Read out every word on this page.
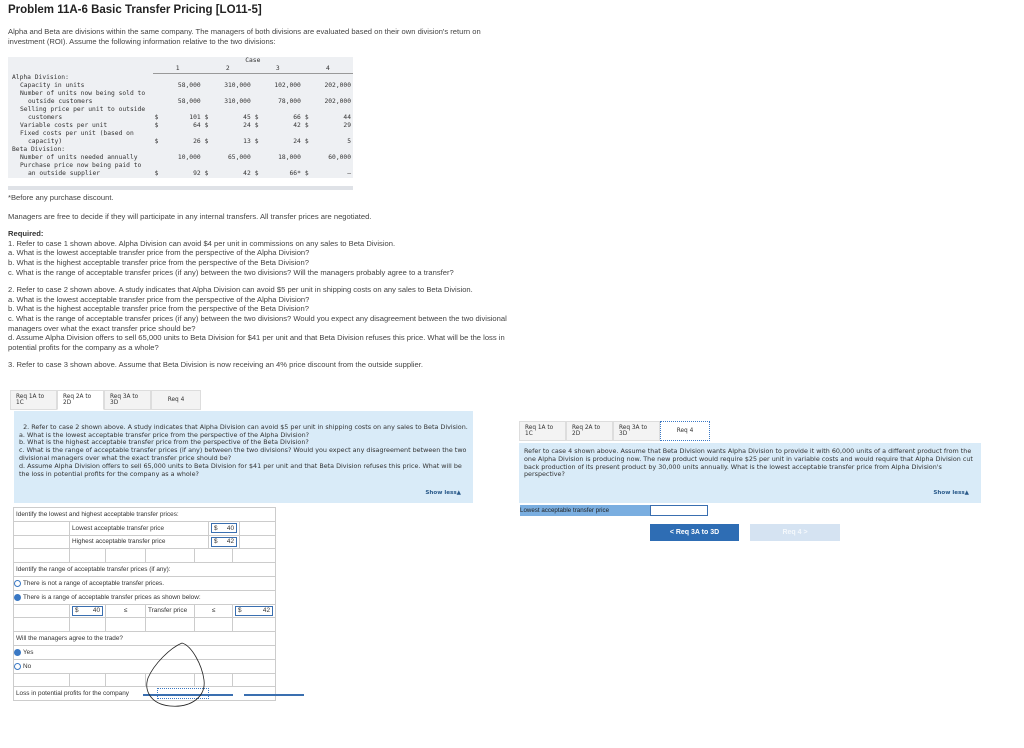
Problem 11A-6 Basic Transfer Pricing [LO11-5]
Alpha and Beta are divisions within the same company. The managers of both divisions are evaluated based on their own division's return on investment (ROI). Assume the following information relative to the two divisions:
	Case							
	1		2		3		4	
Alpha Division:								
Capacity in units		58,000		310,000		102,000		202,000
Number of units now being sold to								
outside customers		58,000		310,000		78,000		202,000
Selling price per unit to outside								
customers	$	101	$	45	$	66	$	44
Variable costs per unit	$	64	$	24	$	42	$	29
Fixed costs per unit (based on								
capacity)	$	26	$	13	$	24	$	5
Beta Division:								
Number of units needed annually		10,000		65,000		18,000		60,000
Purchase price now being paid to								
an outside supplier	$	92	$	42	$	66*	$	–
*Before any purchase discount.
Managers are free to decide if they will participate in any internal transfers. All transfer prices are negotiated.
Required:
1. Refer to case 1 shown above. Alpha Division can avoid $4 per unit in commissions on any sales to Beta Division.
a. What is the lowest acceptable transfer price from the perspective of the Alpha Division?
b. What is the highest acceptable transfer price from the perspective of the Beta Division?
c. What is the range of acceptable transfer prices (if any) between the two divisions? Will the managers probably agree to a transfer?
2. Refer to case 2 shown above. A study indicates that Alpha Division can avoid $5 per unit in shipping costs on any sales to Beta Division.
a. What is the lowest acceptable transfer price from the perspective of the Alpha Division?
b. What is the highest acceptable transfer price from the perspective of the Beta Division?
c. What is the range of acceptable transfer prices (if any) between the two divisions? Would you expect any disagreement between the two divisional managers over what the exact transfer price should be?
d. Assume Alpha Division offers to sell 65,000 units to Beta Division for $41 per unit and that Beta Division refuses this price. What will be the loss in potential profits for the company as a whole?
3. Refer to case 3 shown above. Assume that Beta Division is now receiving an 4% price discount from the outside supplier.
Req 1A to 1C
Req 2A to 2D
Req 3A to 3D	Req 4

2. Refer to case 2 shown above. A study indicates that Alpha Division can avoid $5 per unit in shipping costs on any sales to Beta Division.
a. What is the lowest acceptable transfer price from the perspective of the Alpha Division?
b. What is the highest acceptable transfer price from the perspective of the Beta Division?
c. What is the range of acceptable transfer prices (if any) between the two divisions? Would you expect any disagreement between the two divisional managers over what the exact transfer price should be?
d. Assume Alpha Division offers to sell 65,000 units to Beta Division for $41 per unit and that Beta Division refuses this price. What will be the loss in potential profits for the company as a whole?

Show less▲

Identify the lowest and highest acceptable transfer prices:
Lowest acceptable transfer price	$ 40
Highest acceptable transfer price	$ 42
Identify the range of acceptable transfer prices (if any):
There is not a range of acceptable transfer prices.
There is a range of acceptable transfer prices as shown below:
$ 40	≤	Transfer price	≤	$	42
Will the managers agree to the trade?
Yes
No
Loss in potential profits for the company
Req 1A to 1C
Req 2A to 2D
Req 3A to 3D	Req 4
Refer to case 4 shown above. Assume that Beta Division wants Alpha Division to provide it with 60,000 units of a different product from the one Alpha Division is producing now. The new product would require $25 per unit in variable costs and would require that Alpha Division cut back production of its present product by 30,000 units annually. What is the lowest acceptable transfer price from Alpha Division's perspective?
Show less▲
Lowest acceptable transfer price
< Req 3A to 3D	Req 4 >
